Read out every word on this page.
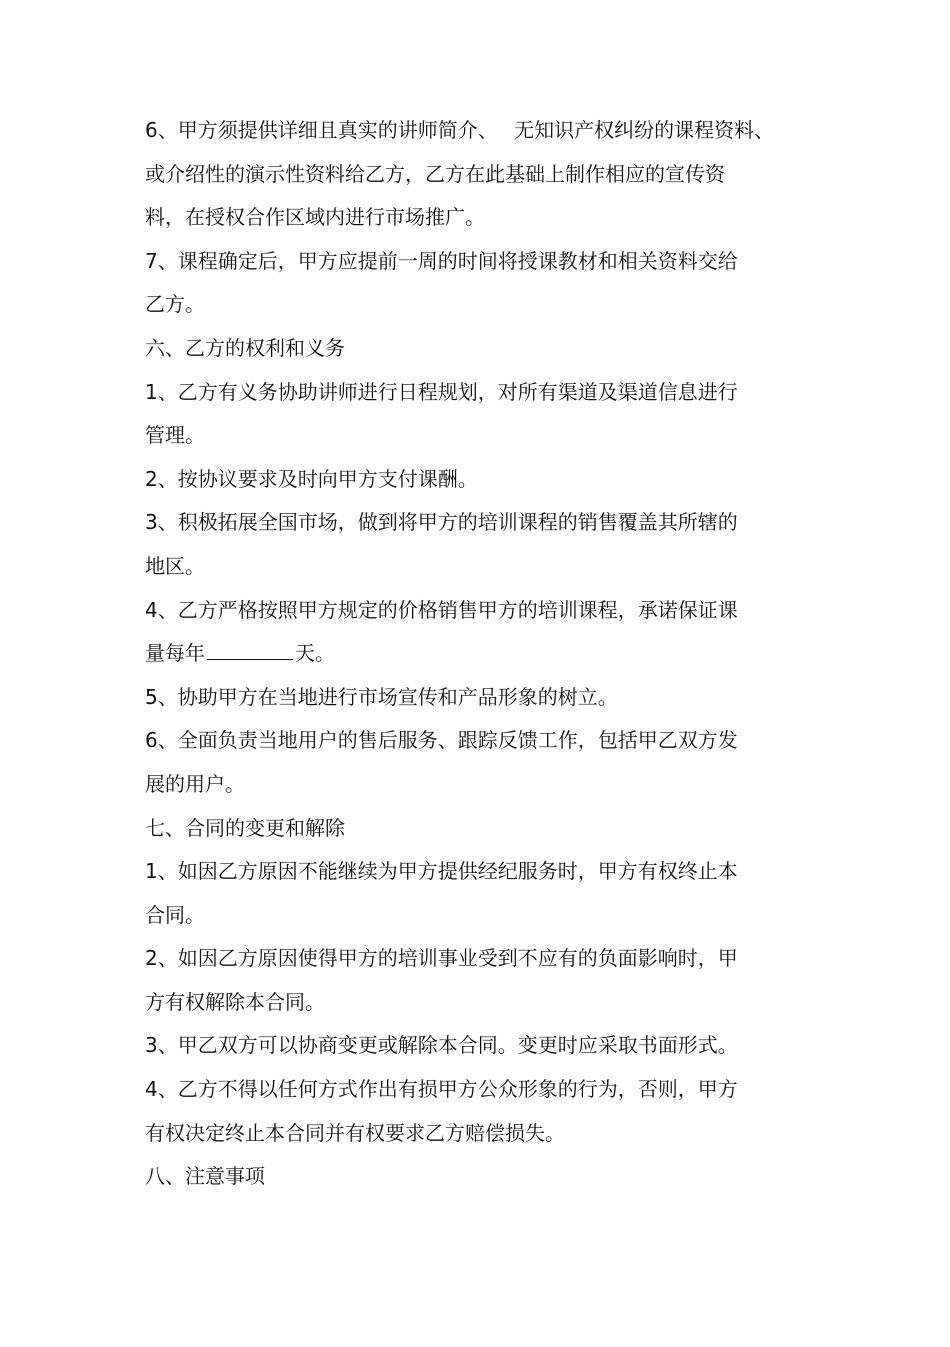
6、甲方须提供详细且真实的讲师简介、　 无知识产权纠纷的课程资料、
或介绍性的演示性资料给乙方，乙方在此基础上制作相应的宣传资
料，在授权合作区域内进行市场推广。
7、课程确定后，甲方应提前一周的时间将授课教材和相关资料交给
乙方。
六、乙方的权利和义务
1、乙方有义务协助讲师进行日程规划，对所有渠道及渠道信息进行
管理。
2、按协议要求及时向甲方支付课酬。
3、积极拓展全国市场，做到将甲方的培训课程的销售覆盖其所辖的
地区。
4、乙方严格按照甲方规定的价格销售甲方的培训课程，承诺保证课
量每年	天。
5、协助甲方在当地进行市场宣传和产品形象的树立。
6、全面负责当地用户的售后服务、跟踪反馈工作，包括甲乙双方发
展的用户。
七、合同的变更和解除
1、如因乙方原因不能继续为甲方提供经纪服务时，甲方有权终止本
合同。
2、如因乙方原因使得甲方的培训事业受到不应有的负面影响时，甲
方有权解除本合同。
3、甲乙双方可以协商变更或解除本合同。变更时应采取书面形式。
4、乙方不得以任何方式作出有损甲方公众形象的行为，否则，甲方
有权决定终止本合同并有权要求乙方赔偿损失。
八、注意事项
